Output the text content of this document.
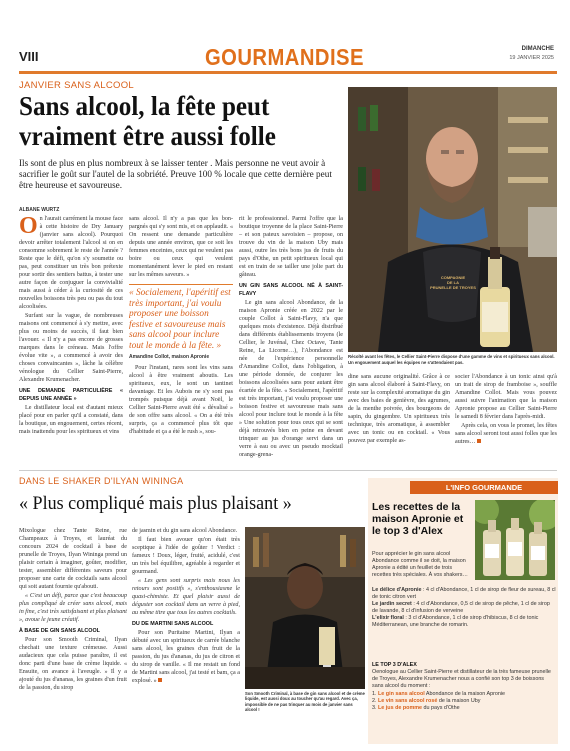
VIII	GOURMANDISE	DIMANCHE
19 JANVIER 2025
JANVIER SANS ALCOOL
Sans alcool, la fête peut
vraiment être aussi folle
Ils sont de plus en plus nombreux à se laisser tenter . Mais personne ne veut avoir à sacrifier le goût sur l'autel de la sobriété. Preuve 100 % locale que cette dernière peut être heureuse et savoureuse.
ALBANE WURTZ

On l'aurait carrément la mouse face à cette histoire de Dry January (janvier sans alcool). Pourquoi devoir arrêter totalement l'alcool si on en consomme sobrement le reste de l'année ? Reste que le défi, qu'on s'y soumette ou pas, peut constituer un très bon prétexte pour sortir des sentiers battus, à tester une autre façon de conjuguer la convivialité mais aussi à céder à la curiosité de ces nouvelles boissons très peu ou pas du tout alcoolisées.

Surfant sur la vague, de nombreuses maisons ont commencé à s'y mettre, avec plus ou moins de succès, il faut bien l'avouer. « Il n'y a pas encore de grosses marques dans le créneau. Mais l'offre évolue vite », a commencé à avoir des choses convaincantes », lâche la célèbre vénologue du Cellier Saint-Pierre, Alexandre Krumenacher.

UNE DEMANDE PARTICULIÈRE « DEPUIS UNE ANNÉE »

Le distillateur local est d'autant mieux placé pour en parler qu'il a constaté, dans la boutique, un engouement, certes récent, mais inattendu pour les spiritueux et vins

sans alcool. Il n'y a pas que les bon-pargnés qui s'y sont mis, et on applaudit. « On ressent une demande particulière depuis une année environ, que ce soit les femmes enceintes, ceux qui ne veulent pas boire ou ceux qui veulent momentanément lever le pied en restant sur les mêmes saveurs. »

« Socialement, l'apéritif est très important, j'ai voulu proposer une boisson festive et savoureuse mais sans alcool pour inclure tout le monde à la fête. »
Amandine Collot, maison Apronie

Pour l'instant, rares sont les vins sans alcool à être vraiment aboutis. Les spiritueux, eux, le sont un tantinet davantage. Et les Aubois ne s'y sont pas trompés puisque déjà avant Noël, le Cellier Saint-Pierre avait été « dévalisé » de son offre sans alcool. « On a été très surpris, ça a commencé plus tôt que d'habitude et ça a été le rush », sou-

rit le professionnel. Parmi l'offre que la boutique troyenne de la place Saint-Pierre – et son pateux savoisien – propose, on trouve du vin de la maison Uby mais aussi, outre les très bons jus de fruits du pays d'Othe, un petit spiritueux local qui est en train de se tailler une jolie part du gâteau.

UN GIN SANS ALCOOL NÉ À SAINT-FLAVY

Le gin sans alcool Abondance, de la maison Apronie créée en 2022 par le couple Collot à Saint-Flavy, n'a que quelques mois d'existence. Déjà distribué dans différents établissements troyens (le Cellier, le Juvénal, Chez Octave, Tante Reine, La Licorne…), l'Abondance est née de l'expérience personnelle d'Amandine Collot, dans l'obligation, à une période donnée, de conjurer les boissons alcoolisées sans pour autant être écartée de la fête. « Socialement, l'apéritif est très important, j'ai voulu proposer une boisson festive et savoureuse mais sans alcool pour inclure tout le monde à la fête » Une solution pour tous ceux qui se sont déjà retrouvés bien en peine en devant trinquer au jus d'orange servi dans un verre à eau ou avec un pseudo mocktail orange-grena-

COMPAGNIE
DE LA
PRUNELLE DE TROYES
Récolté avant les fêtes, le Cellier Saint-Pierre dispose d'une gamme de vins et spiritueux sans alcool. Un engouement auquel les équipes ne s'attendaient pas.

dine sans aucune originalité. Grâce à ce gin sans alcool élaboré à Saint-Flavy, on reste sur la complexité aromatique du gin avec des baies de genièvre, des agrumes, de la menthe poivrée, des bourgeons de sapin, du gingembre. Un spiritueux très technique, très aromatique, à assembler avec un tonic ou en cocktail. « Vous pouvez par exemple as-

socier l'Abondance à un tonic ainsi qu'à un trait de sirop de framboise », souffle Amandine Collot. Mais vous pouvez aussi suivre l'animation que la maison Apronie propose au Cellier Saint-Pierre le samedi 8 février dans l'après-midi.

Après cela, on vous le promet, les fêtes sans alcool seront tout aussi folles que les autres…

DANS LE SHAKER D'ILYAN WININGA
« Plus compliqué mais plus plaisant »

Mixologue chez Tante Reine, rue Champeaux à Troyes, et lauréat du concours 2024 de cocktail à base de prunelle de Troyes, Ilyan Wininga prend un plaisir certain à imaginer, goûter, modifier, tester, assembler différentes saveurs pour proposer une carte de cocktails sans alcool qui soit autant fournie qu'abouti.

« C'est un défi, parce que c'est beaucoup plus compliqué de créer sans alcool, mais in fine, c'est très satisfaisant et plus plaisant », avoue le jeune créatif.

À BASE DE GIN SANS ALCOOL

Pour son Smooth Criminal, Ilyan chechait une texture crémeuse. Aussi audacieux que cela puisse paraître, il est donc parti d'une base de crème liquide. « Ensuite, on avance à l'aveugle. » Il y a ajouté du jus d'ananas, les graines d'un fruit de la passion, du sirop

de jasmin et du gin sans alcool Abondance.

Il faut bien avouer qu'on était très sceptique à l'idée de goûter ! Verdict : fameux ! Doux, léger, fruité, acidulé, c'est un très bel équilibre, agréable à regarder et gourmand.

« Les gens sont surpris mais nous les retours sont positifs », s'enthousiasme le quasi-chimiste. Et quel plaisir aussi de déguster son cocktail dans un verre à pied, au même titre que tous les autres cocktails.

DU DE MARTINI SANS ALCOOL

Pour son Puritaine Martini, Ilyan a débuté avec un spiritueux de carrée blanche sans alcool, les graines d'un fruit de la passion, du jus d'ananas, du jus de citron et du sirop de vanille. « Il me restait un fond de Martini sans alcool, j'ai testé et bam, ça a explosé. »

Son Smooth Criminal, à base de gin sans alcool et de crème liquide, est aussi doux au toucher qu'au regard. Avec ça, impossible de ne pas trinquer au mois de janvier sans alcool !
L'INFO GOURMANDE
Les recettes de la maison Apronie et le top 3 d'Alex
Pour apprécier le gin sans alcool Abondance comme il se doit, la maison Apronie a édité un feuillet de trois recettes très spéciales. À vos shakers…
Le délice d'Apronie : 4 cl d'Abondance, 1 cl de sirop de fleur de sureau, 8 cl de tonic citron vert
Le jardin secret : 4 cl d'Abondance, 0,5 cl de sirop de pêche, 1 cl de sirop de lavande, 8 cl d'infusion de verveine
L'elixir floral : 3 cl d'Abondance, 1 cl de sirop d'hibiscus, 8 cl de tonic Méditerranean, une branche de romarin.
LE TOP 3 D'ALEX
Oenologue au Cellier Saint-Pierre et distillateur de la très fameuse prunelle de Troyes, Alexandre Krumenacher nous a confié son top 3 de boissons sans alcool du moment :
1. Le gin sans alcool Abondance de la maison Apronie
2. Le vin sans alcool rosé de la maison Uby
3. Le jus de pomme du pays d'Othe
